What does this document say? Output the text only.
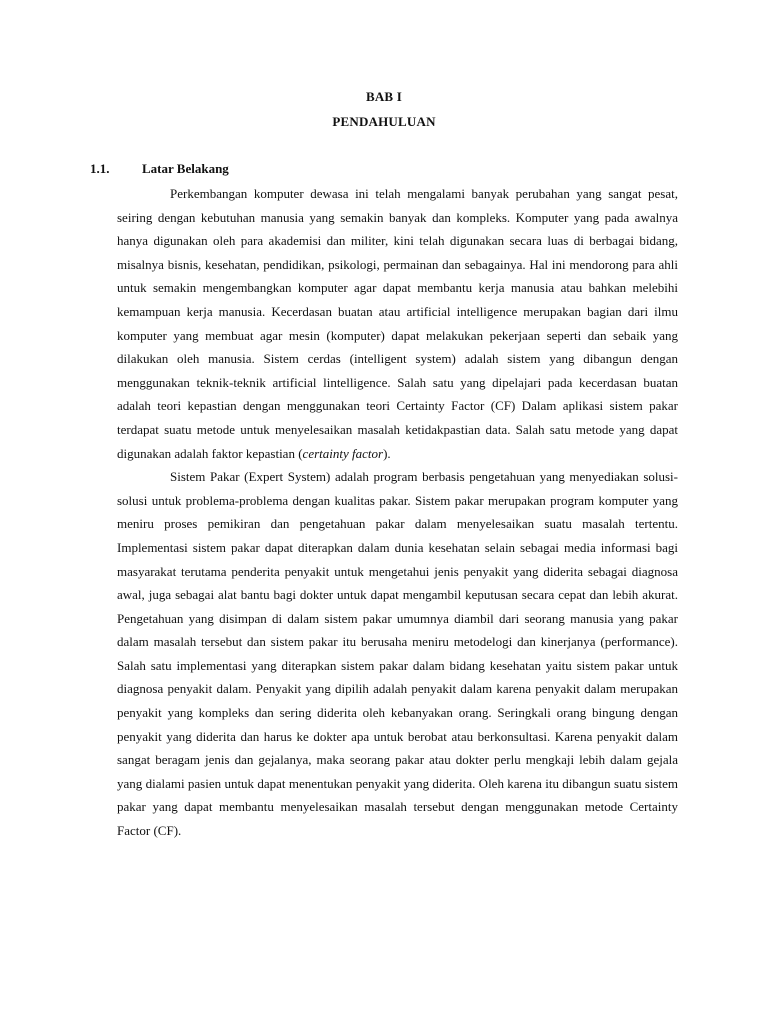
BAB I
PENDAHULUAN
1.1.	Latar Belakang

Perkembangan komputer dewasa ini telah mengalami banyak perubahan yang sangat pesat, seiring dengan kebutuhan manusia yang semakin banyak dan kompleks. Komputer yang pada awalnya hanya digunakan oleh para akademisi dan militer, kini telah digunakan secara luas di berbagai bidang, misalnya bisnis, kesehatan, pendidikan, psikologi, permainan dan sebagainya. Hal ini mendorong para ahli untuk semakin mengembangkan komputer agar dapat membantu kerja manusia atau bahkan melebihi kemampuan kerja manusia. Kecerdasan buatan atau artificial intelligence merupakan bagian dari ilmu komputer yang membuat agar mesin (komputer) dapat melakukan pekerjaan seperti dan sebaik yang dilakukan oleh manusia. Sistem cerdas (intelligent system) adalah sistem yang dibangun dengan menggunakan teknik-teknik artificial lintelligence. Salah satu yang dipelajari pada kecerdasan buatan adalah teori kepastian dengan menggunakan teori Certainty Factor (CF) Dalam aplikasi sistem pakar terdapat suatu metode untuk menyelesaikan masalah ketidakpastian data. Salah satu metode yang dapat digunakan adalah faktor kepastian (certainty factor).

Sistem Pakar (Expert System) adalah program berbasis pengetahuan yang menyediakan solusi-solusi untuk problema-problema dengan kualitas pakar. Sistem pakar merupakan program komputer yang meniru proses pemikiran dan pengetahuan pakar dalam menyelesaikan suatu masalah tertentu. Implementasi sistem pakar dapat diterapkan dalam dunia kesehatan selain sebagai media informasi bagi masyarakat terutama penderita penyakit untuk mengetahui jenis penyakit yang diderita sebagai diagnosa awal, juga sebagai alat bantu bagi dokter untuk dapat mengambil keputusan secara cepat dan lebih akurat. Pengetahuan yang disimpan di dalam sistem pakar umumnya diambil dari seorang manusia yang pakar dalam masalah tersebut dan sistem pakar itu berusaha meniru metodelogi dan kinerjanya (performance). Salah satu implementasi yang diterapkan sistem pakar dalam bidang kesehatan yaitu sistem pakar untuk diagnosa penyakit dalam. Penyakit yang dipilih adalah penyakit dalam karena penyakit dalam merupakan penyakit yang kompleks dan sering diderita oleh kebanyakan orang. Seringkali orang bingung dengan penyakit yang diderita dan harus ke dokter apa untuk berobat atau berkonsultasi. Karena penyakit dalam sangat beragam jenis dan gejalanya, maka seorang pakar atau dokter perlu mengkaji lebih dalam gejala yang dialami pasien untuk dapat menentukan penyakit yang diderita. Oleh karena itu dibangun suatu sistem pakar yang dapat membantu menyelesaikan masalah tersebut dengan menggunakan metode Certainty Factor (CF).
